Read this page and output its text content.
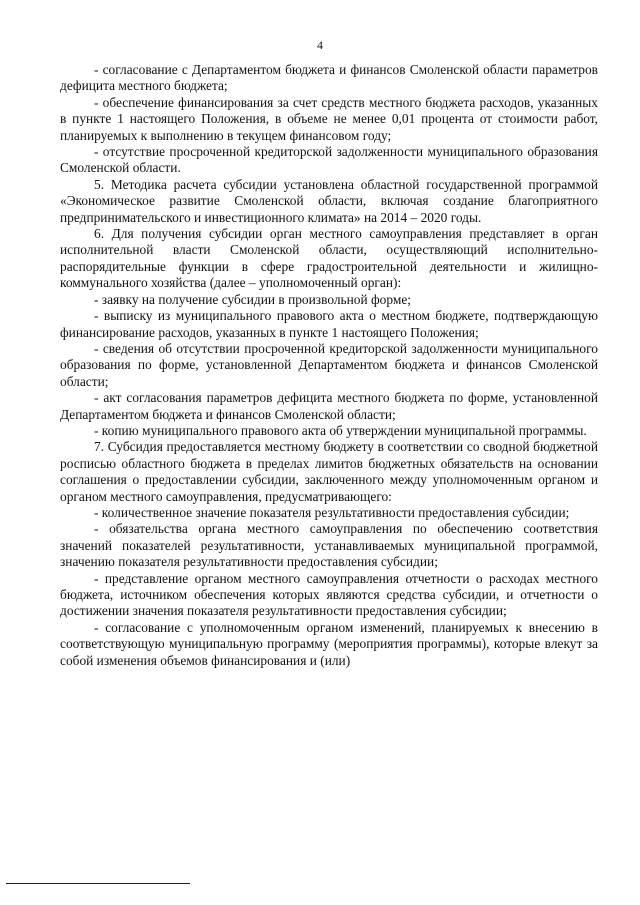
4

- согласование с Департаментом бюджета и финансов Смоленской области параметров дефицита местного бюджета;

- обеспечение финансирования за счет средств местного бюджета расходов, указанных в пункте 1 настоящего Положения, в объеме не менее 0,01 процента от стоимости работ, планируемых к выполнению в текущем финансовом году;

- отсутствие просроченной кредиторской задолженности муниципального образования Смоленской области.

5. Методика расчета субсидии установлена областной государственной программой «Экономическое развитие Смоленской области, включая создание благоприятного предпринимательского и инвестиционного климата» на 2014 – 2020 годы.

6. Для получения субсидии орган местного самоуправления представляет в орган исполнительной власти Смоленской области, осуществляющий исполнительно-распорядительные функции в сфере градостроительной деятельности и жилищно-коммунального хозяйства (далее – уполномоченный орган):

- заявку на получение субсидии в произвольной форме;

- выписку из муниципального правового акта о местном бюджете, подтверждающую финансирование расходов, указанных в пункте 1 настоящего Положения;

- сведения об отсутствии просроченной кредиторской задолженности муниципального образования по форме, установленной Департаментом бюджета и финансов Смоленской области;

- акт согласования параметров дефицита местного бюджета по форме, установленной Департаментом бюджета и финансов Смоленской области;

- копию муниципального правового акта об утверждении муниципальной программы.

7. Субсидия предоставляется местному бюджету в соответствии со сводной бюджетной росписью областного бюджета в пределах лимитов бюджетных обязательств на основании соглашения о предоставлении субсидии, заключенного между уполномоченным органом и органом местного самоуправления, предусматривающего:

- количественное значение показателя результативности предоставления субсидии;

- обязательства органа местного самоуправления по обеспечению соответствия значений показателей результативности, устанавливаемых муниципальной программой, значению показателя результативности предоставления субсидии;

- представление органом местного самоуправления отчетности о расходах местного бюджета, источником обеспечения которых являются средства субсидии, и отчетности о достижении значения показателя результативности предоставления субсидии;

- согласование с уполномоченным органом изменений, планируемых к внесению в соответствующую муниципальную программу (мероприятия программы), которые влекут за собой изменения объемов финансирования и (или)
